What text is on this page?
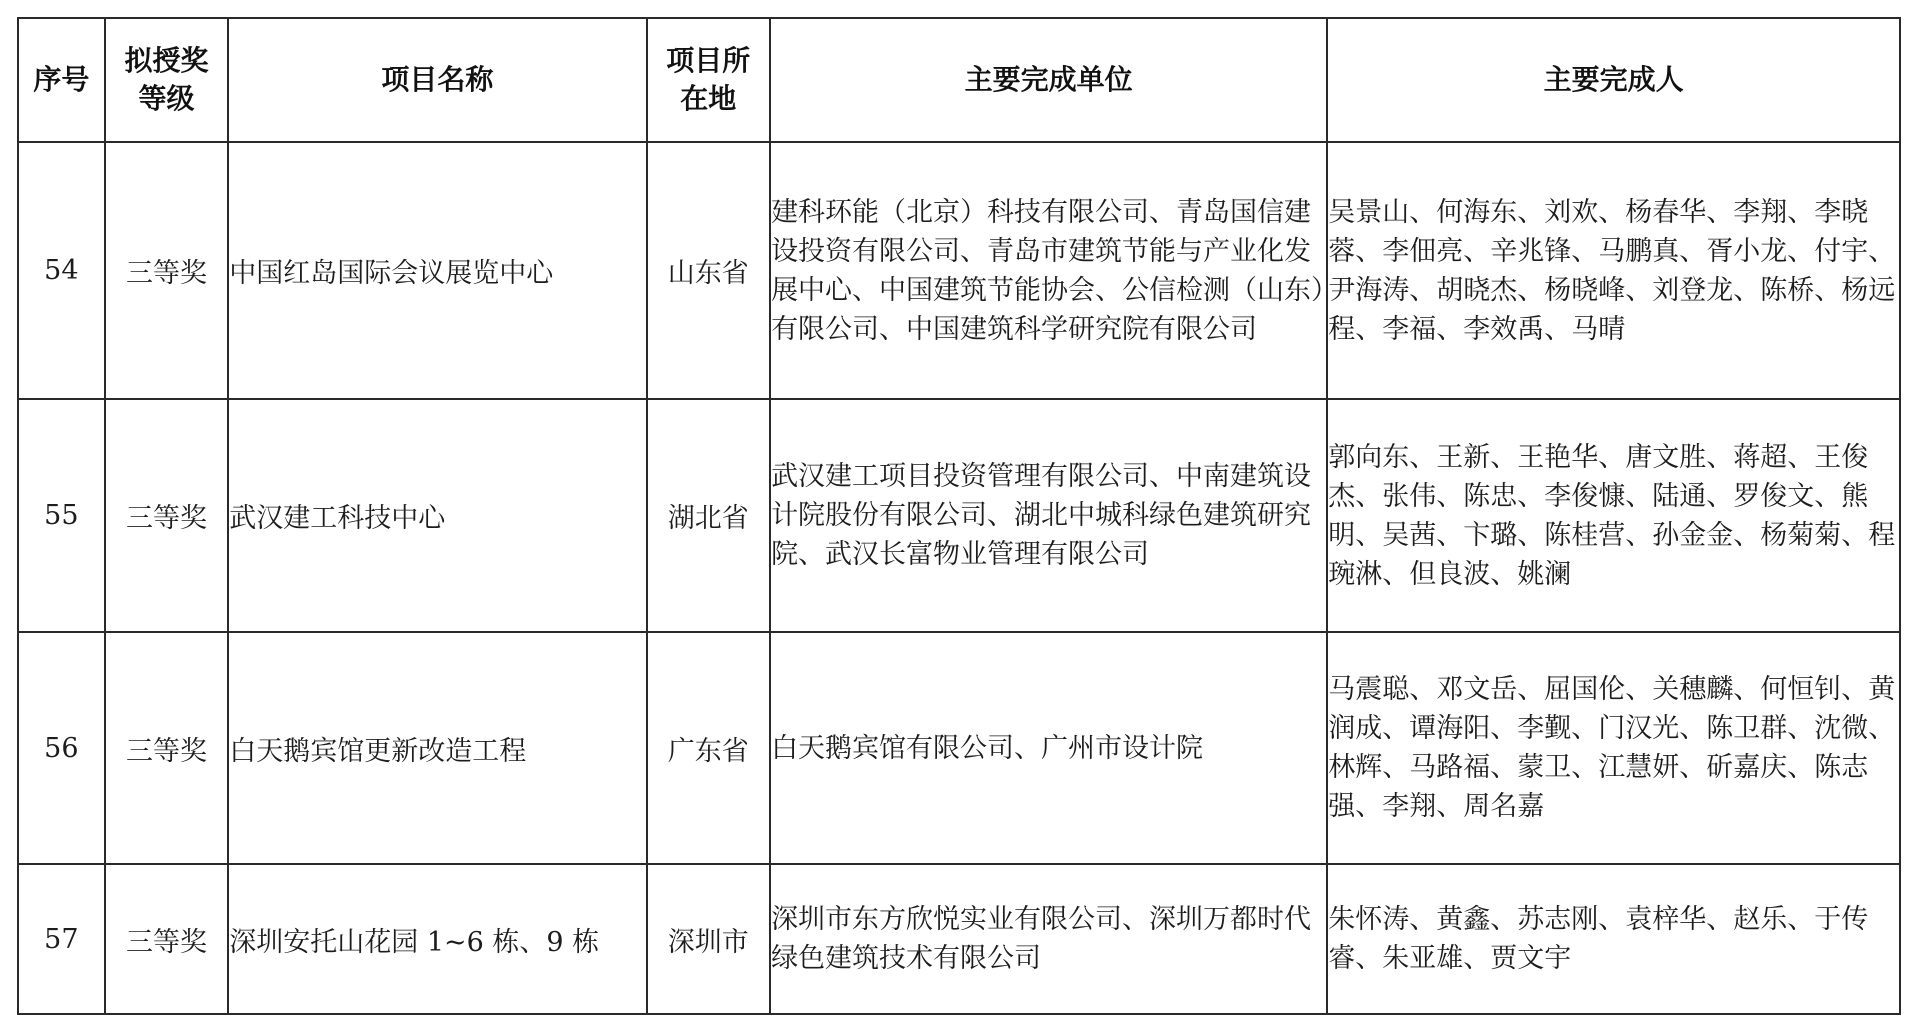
序号	拟授奖等级	项目名称	项目所在地	主要完成单位	主要完成人
54	三等奖	中国红岛国际会议展览中心	山东省	建科环能（北京）科技有限公司、青岛国信建设投资有限公司、青岛市建筑节能与产业化发展中心、中国建筑节能协会、公信检测（山东）有限公司、中国建筑科学研究院有限公司	吴景山、何海东、刘欢、杨春华、李翔、李晓蓉、李佃亮、辛兆锋、马鹏真、胥小龙、付宇、尹海涛、胡晓杰、杨晓峰、刘登龙、陈桥、杨远程、李福、李效禹、马晴
55	三等奖	武汉建工科技中心	湖北省	武汉建工项目投资管理有限公司、中南建筑设计院股份有限公司、湖北中城科绿色建筑研究院、武汉长富物业管理有限公司	郭向东、王新、王艳华、唐文胜、蒋超、王俊杰、张伟、陈忠、李俊慷、陆通、罗俊文、熊明、吴茜、卞璐、陈桂营、孙金金、杨菊菊、程琬淋、但良波、姚澜
56	三等奖	白天鹅宾馆更新改造工程	广东省	白天鹅宾馆有限公司、广州市设计院	马震聪、邓文岳、屈国伦、关穗麟、何恒钊、黄润成、谭海阳、李觐、门汉光、陈卫群、沈微、林辉、马路福、蒙卫、江慧妍、斫嘉庆、陈志强、李翔、周名嘉
57	三等奖	深圳安托山花园 1~6 栋、9 栋	深圳市	深圳市东方欣悦实业有限公司、深圳万都时代绿色建筑技术有限公司	朱怀涛、黄鑫、苏志刚、袁梓华、赵乐、于传睿、朱亚雄、贾文宇
